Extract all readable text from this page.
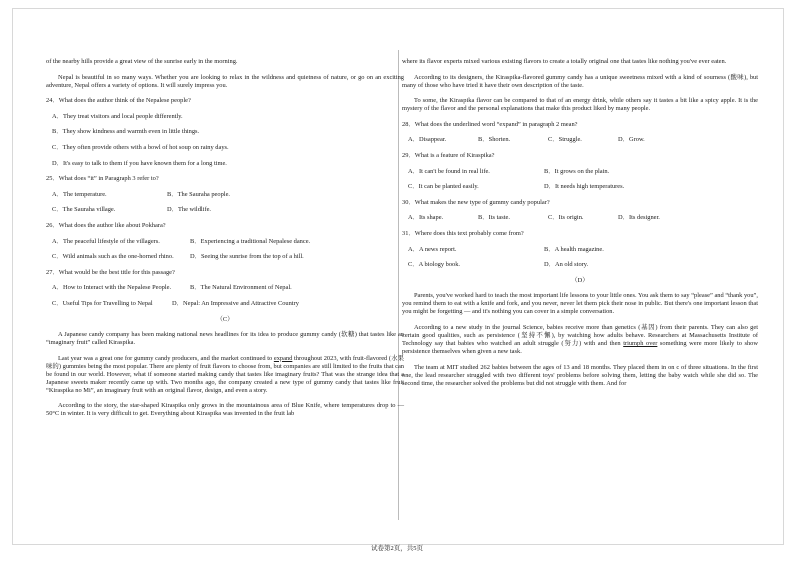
of the nearby hills provide a great view of the sunrise early in the morning.

Nepal is beautiful in so many ways. Whether you are looking to relax in the wildness and quietness of nature, or go on an exciting adventure, Nepal offers a variety of options. It will surely impress you.

24．What does the author think of the Nepalese people?

A．They treat visitors and local people differently.

B．They show kindness and warmth even in little things.

C．They often provide others with a bowl of hot soup on rainy days.

D．It's easy to talk to them if you have known them for a long time.

25．What does “it” in Paragraph 3 refer to?

A．The temperature.	B．The Sauraha people.
C．The Sauraha village.	D．The wildlife.

26．What does the author like about Pokhara?

A．The peaceful lifestyle of the villagers.	B．Experiencing a traditional Nepalese dance.
C．Wild animals such as the one-horned rhino.	D．Seeing the sunrise from the top of a hill.

27．What would be the best title for this passage?

A．How to Interact with the Nepalese People.	B．The Natural Environment of Nepal.
C．Useful Tips for Travelling to Nepal	D．Nepal: An Impressive and Attractive Country

（C）

A Japanese candy company has been making national news headlines for its idea to produce gummy candy (软糖) that tastes like an “imaginary fruit” called Kiraspika.

Last year was a great one for gummy candy producers, and the market continued to expand throughout 2023, with fruit-flavored (水果味的) gummies being the most popular. There are plenty of fruit flavors to choose from, but companies are still limited to the fruits that can be found in our world. However, what if someone started making candy that tastes like imaginary fruits? That was the strange idea that a Japanese sweets maker recently came up with. Two months ago, the company created a new type of gummy candy that tastes like fruit “Kiraspika no Mi”, an imaginary fruit with an original flavor, design, and even a story.

According to the story, the star-shaped Kiraspika only grows in the mountainous area of Blue Knife, where temperatures drop to —50°C in winter. It is very difficult to get. Everything about Kiraspika was invented in the fruit lab

where its flavor experts mixed various existing flavors to create a totally original one that tastes like nothing you've ever eaten.

According to its designers, the Kiraspika-flavored gummy candy has a unique sweetness mixed with a kind of sourness (酸味), but many of those who have tried it have their own description of the taste.

To some, the Kiraspika flavor can be compared to that of an energy drink, while others say it tastes a bit like a spicy apple. It is the mystery of the flavor and the personal explanations that make this product liked by many people.

28．What does the underlined word “expand” in paragraph 2 mean?

A．Disappear.	B．Shorten.	C．Struggle.	D．Grow.

29．What is a feature of Kiraspika?

A．It can't be found in real life.	B．It grows on the plain.
C．It can be planted easily.	D．It needs high temperatures.

30．What makes the new type of gummy candy popular?

A．Its shape.	B．Its taste.	C．Its origin.	D．Its designer.

31．Where does this text probably come from?

A．A news report.	B．A health magazine.
C．A biology book.	D．An old story.

（D）

Parents, you've worked hard to teach the most important life lessons to your little ones. You ask them to say “please” and “thank you”, you remind them to eat with a knife and fork, and you never, never let them pick their nose in public. But there's one important lesson that you might be forgetting — and it's nothing you can cover in a simple conversation.

According to a new study in the journal Science, babies receive more than genetics (基因) from their parents. They can also get certain good qualities, such as persistence (坚持不懈), by watching how adults behave. Researchers at Massachusetts Institute of Technology say that babies who watched an adult struggle (努力) with and then triumph over something were more likely to show persistence themselves when given a new task.

The team at MIT studied 262 babies between the ages of 13 and 18 months. They placed them in on c of three situations. In the first one, the lead researcher struggled with two different toys' problems before solving them, letting the baby watch while she did so. The second time, the researcher solved the problems but did not struggle with them. And for

试卷第2页，共5页
